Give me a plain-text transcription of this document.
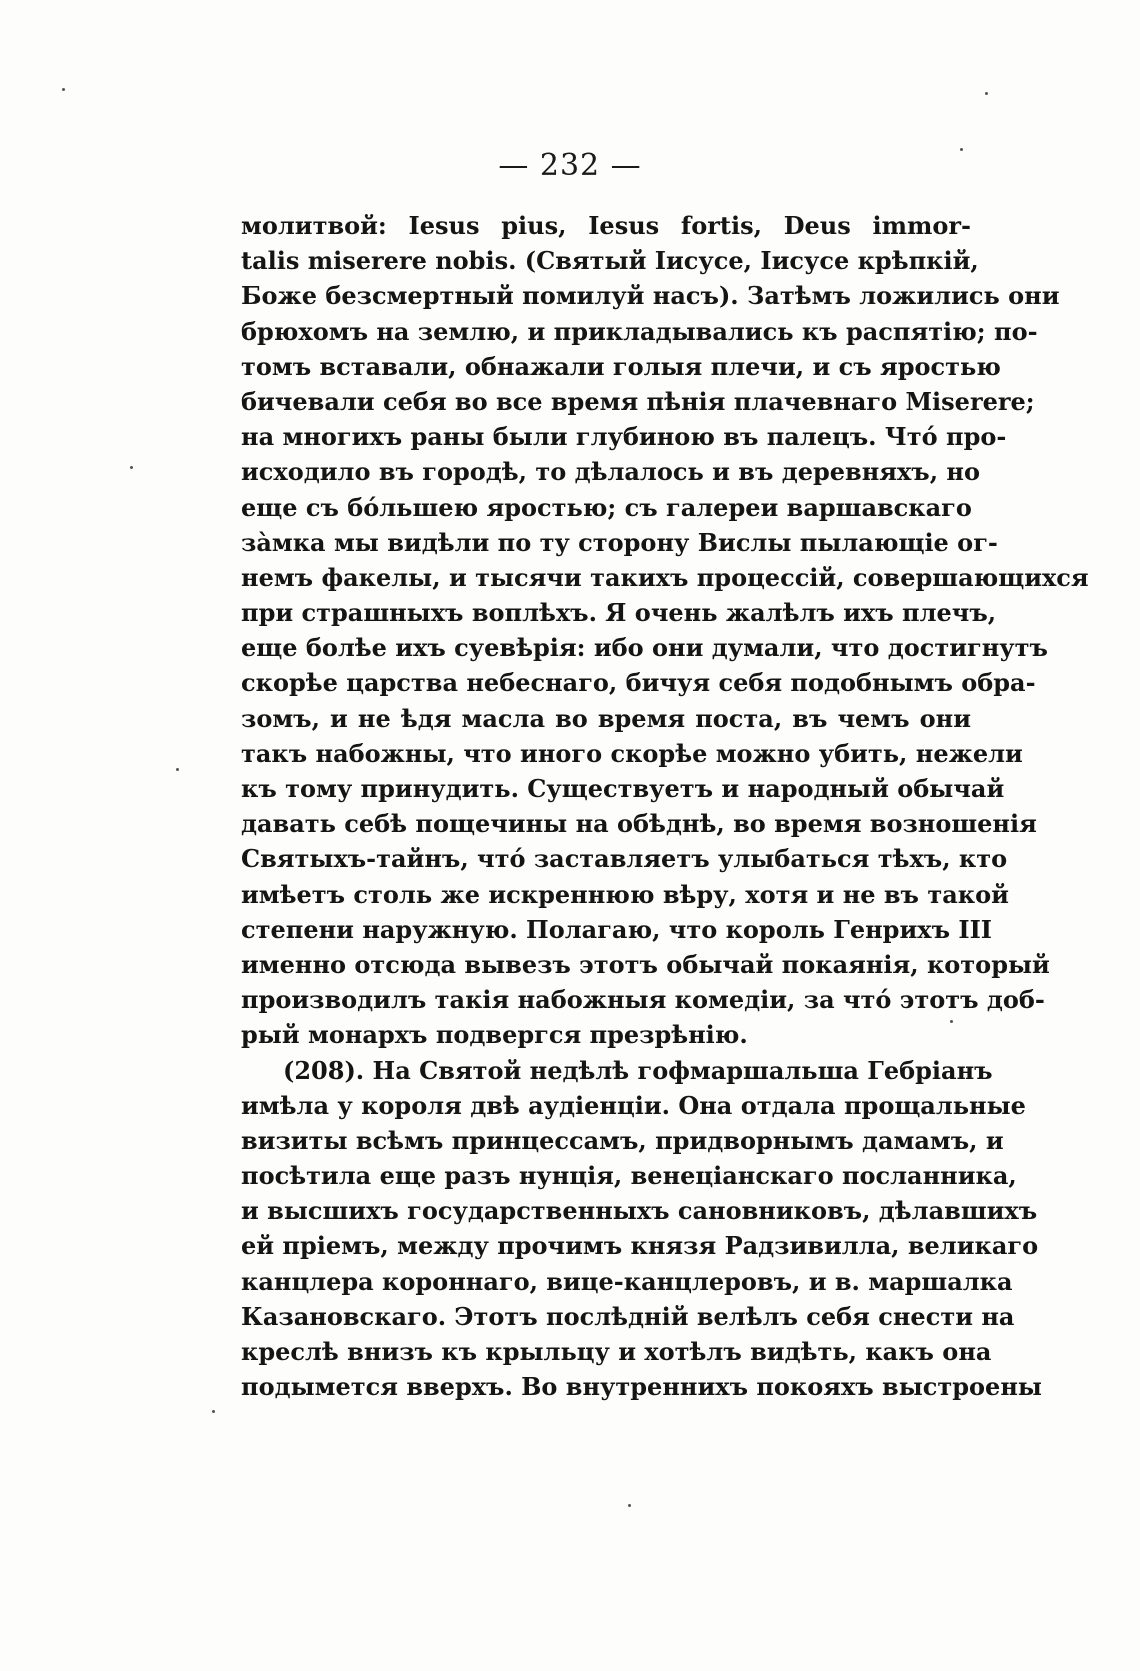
— 232 —
молитвой: Iesus pius, Iesus fortis, Deus immor-
talis miserere nobis. (Святый Iисусе, Iисусе крѣпкій,
Боже безсмертный помилуй насъ). Затѣмъ ложились они
брюхомъ на землю, и прикладывались къ распятію; по-
томъ вставали, обнажали голыя плечи, и съ яростью
бичевали себя во все время пѣнія плачевнаго Miserere;
на многихъ раны были глубиною въ палецъ. Чтó про-
исходило въ городѣ, то дѣлалось и въ деревняхъ, но
еще съ бóльшею яростью; съ галереи варшавскаго
зàмка мы видѣли по ту сторону Вислы пылающіе ог-
немъ факелы, и тысячи такихъ процессій, совершающихся
при страшныхъ воплѣхъ. Я очень жалѣлъ ихъ плечъ,
еще болѣе ихъ суевѣрія: ибо они думали, что достигнутъ
скорѣе царства небеснаго, бичуя себя подобнымъ обра-
зомъ, и не ѣдя масла во время поста, въ чемъ они
такъ набожны, что иного скорѣе можно убить, нежели
къ тому принудить. Существуетъ и народный обычай
давать себѣ пощечины на обѣднѣ, во время возношенія
Святыхъ-тайнъ, чтó заставляетъ улыбаться тѣхъ, кто
имѣетъ столь же искреннюю вѣру, хотя и не въ такой
степени наружную. Полагаю, что король Генрихъ III
именно отсюда вывезъ этотъ обычай покаянія, который
производилъ такія набожныя комедіи, за чтó этотъ доб-
рый монархъ подвергся презрѣнію.
(208). На Святой недѣлѣ гофмаршальша Гебріанъ
имѣла у короля двѣ аудіенціи. Она отдала прощальные
визиты всѣмъ принцессамъ, придворнымъ дамамъ, и
посѣтила еще разъ нунція, венеціанскаго посланника,
и высшихъ государственныхъ сановниковъ, дѣлавшихъ
ей пріемъ, между прочимъ князя Радзивилла, великаго
канцлера короннаго, вице-канцлеровъ, и в. маршалка
Казановскаго. Этотъ послѣдній велѣлъ себя снести на
креслѣ внизъ къ крыльцу и хотѣлъ видѣть, какъ она
подымется вверхъ. Во внутреннихъ покояхъ выстроены
